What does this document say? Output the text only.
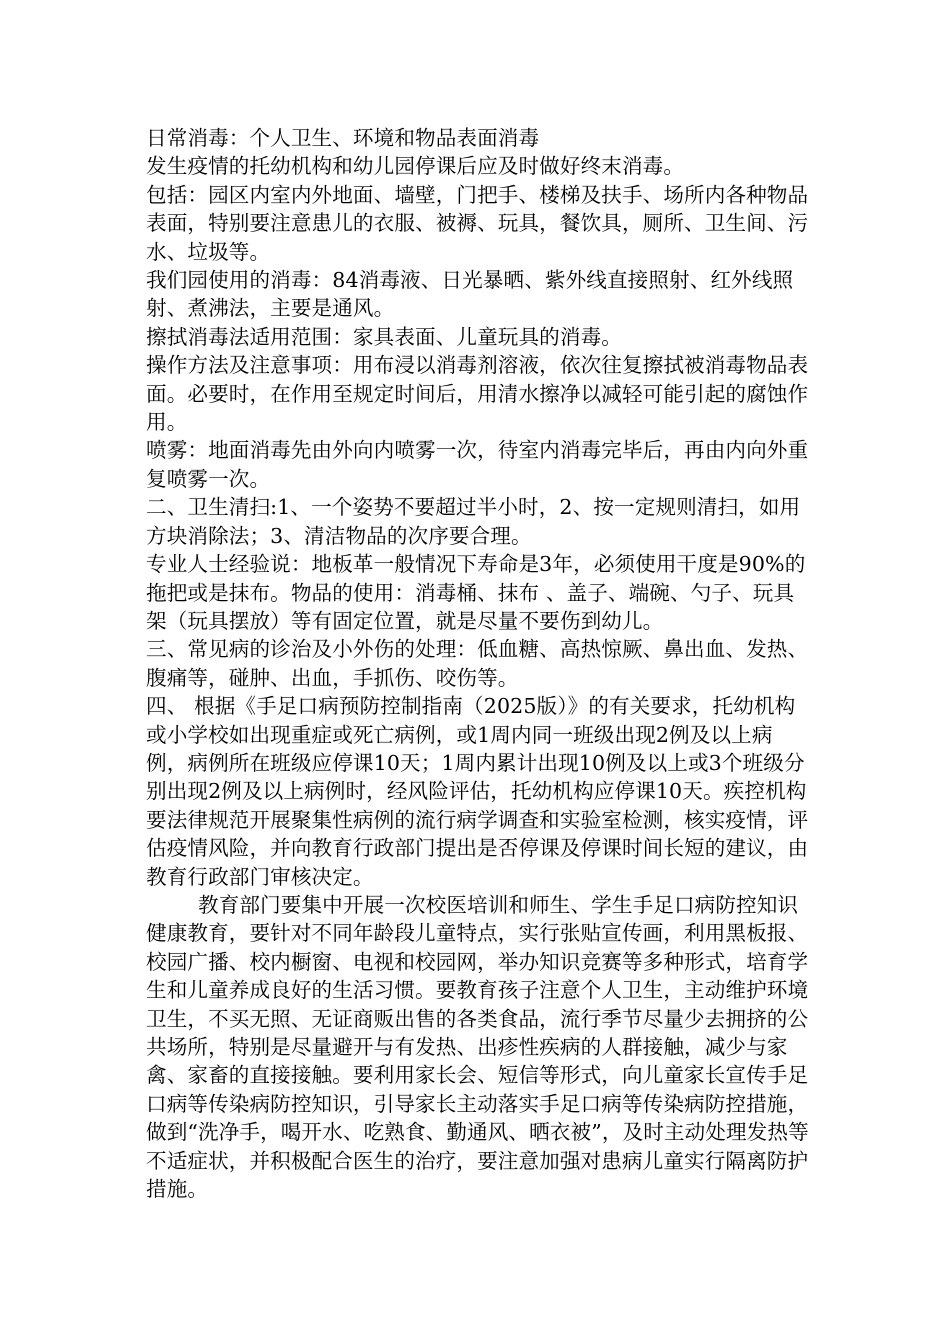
日常消毒：个人卫生、环境和物品表面消毒

发生疫情的托幼机构和幼儿园停课后应及时做好终末消毒。

包括：园区内室内外地面、墙壁，门把手、楼梯及扶手、场所内各种物品表面，特别要注意患儿的衣服、被褥、玩具，餐饮具，厕所、卫生间、污水、垃圾等。

我们园使用的消毒：84消毒液、日光暴晒、紫外线直接照射、红外线照射、煮沸法，主要是通风。

擦拭消毒法适用范围：家具表面、儿童玩具的消毒。

操作方法及注意事项：用布浸以消毒剂溶液，依次往复擦拭被消毒物品表面。必要时，在作用至规定时间后，用清水擦净以减轻可能引起的腐蚀作用。

喷雾：地面消毒先由外向内喷雾一次，待室内消毒完毕后，再由内向外重复喷雾一次。

二、卫生清扫:1、一个姿势不要超过半小时，2、按一定规则清扫，如用方块消除法；3、清洁物品的次序要合理。

专业人士经验说：地板革一般情况下寿命是3年，必须使用干度是90%的拖把或是抹布。物品的使用：消毒桶、抹布 、盖子、端碗、勺子、玩具架（玩具摆放）等有固定位置，就是尽量不要伤到幼儿。

三、常见病的诊治及小外伤的处理：低血糖、高热惊厥、鼻出血、发热、腹痛等，碰肿、出血，手抓伤、咬伤等。

四、 根据《手足口病预防控制指南（2025版）》的有关要求，托幼机构或小学校如出现重症或死亡病例，或1周内同一班级出现2例及以上病例，病例所在班级应停课10天；1周内累计出现10例及以上或3个班级分别出现2例及以上病例时，经风险评估，托幼机构应停课10天。疾控机构要法律规范开展聚集性病例的流行病学调查和实验室检测，核实疫情，评估疫情风险，并向教育行政部门提出是否停课及停课时间长短的建议，由教育行政部门审核决定。

教育部门要集中开展一次校医培训和师生、学生手足口病防控知识健康教育，要针对不同年龄段儿童特点，实行张贴宣传画，利用黑板报、校园广播、校内橱窗、电视和校园网，举办知识竞赛等多种形式，培育学生和儿童养成良好的生活习惯。要教育孩子注意个人卫生，主动维护环境卫生，不买无照、无证商贩出售的各类食品，流行季节尽量少去拥挤的公共场所，特别是尽量避开与有发热、出疹性疾病的人群接触，减少与家禽、家畜的直接接触。要利用家长会、短信等形式，向儿童家长宣传手足口病等传染病防控知识，引导家长主动落实手足口病等传染病防控措施，做到“洗净手，喝开水、吃熟食、勤通风、晒衣被”，及时主动处理发热等不适症状，并积极配合医生的治疗，要注意加强对患病儿童实行隔离防护措施。
